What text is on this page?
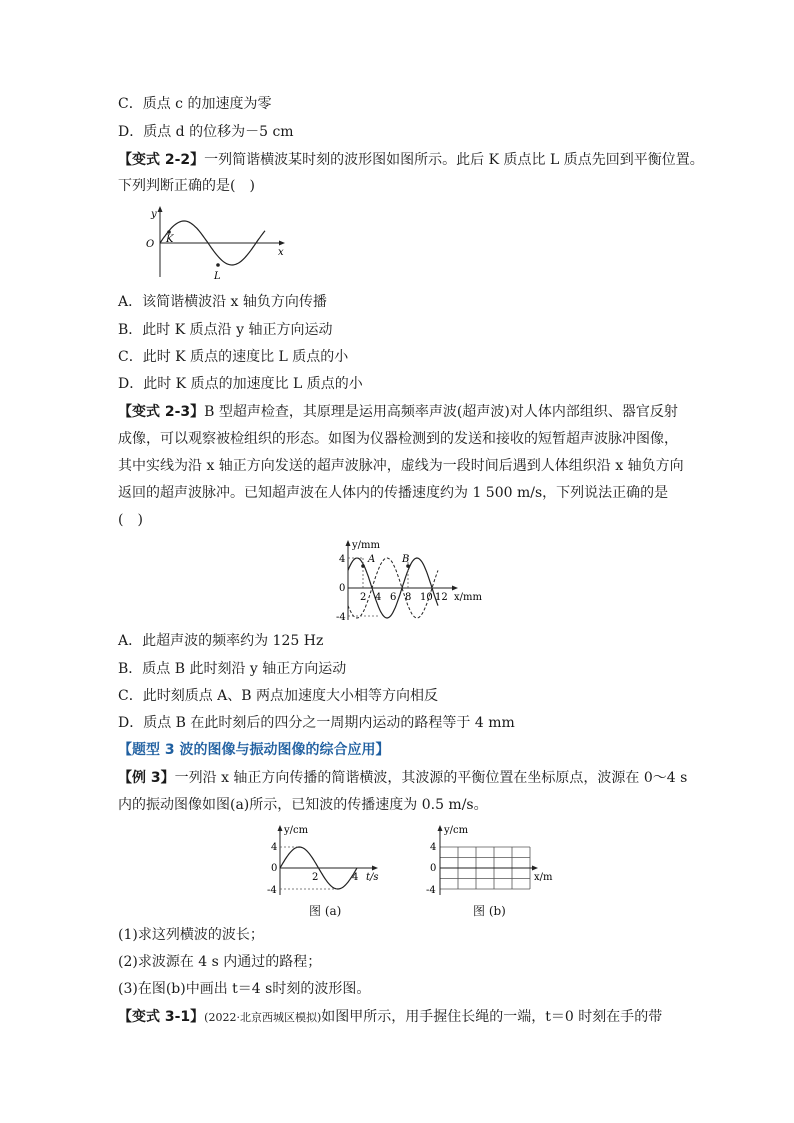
C．质点 c 的加速度为零
D．质点 d 的位移为－5 cm
【变式 2-2】一列简谐横波某时刻的波形图如图所示。此后 K 质点比 L 质点先回到平衡位置。
下列判断正确的是(　)
y
O K
L
x
A．该简谐横波沿 x 轴负方向传播
B．此时 K 质点沿 y 轴正方向运动
C．此时 K 质点的速度比 L 质点的小
D．此时 K 质点的加速度比 L 质点的小
【变式 2-3】B 型超声检查，其原理是运用高频率声波(超声波)对人体内部组织、器官反射
成像，可以观察被检组织的形态。如图为仪器检测到的发送和接收的短暂超声波脉冲图像，
其中实线为沿 x 轴正方向发送的超声波脉冲，虚线为一段时间后遇到人体组织沿 x 轴负方向
返回的超声波脉冲。已知超声波在人体内的传播速度约为 1 500 m/s，下列说法正确的是
(　)
A	B
y/mm
4
0
-4
2 4 6 8 10 12 x/mm
A．此超声波的频率约为 125 Hz
B．质点 B 此时刻沿 y 轴正方向运动
C．此时刻质点 A、B 两点加速度大小相等方向相反
D．质点 B 在此时刻后的四分之一周期内运动的路程等于 4 mm
【题型 3 波的图像与振动图像的综合应用】
【例 3】一列沿 x 轴正方向传播的简谐横波，其波源的平衡位置在坐标原点，波源在 0～4 s
内的振动图像如图(a)所示，已知波的传播速度为 0.5 m/s。
y/cm
4
0
-4
2	4 t/s
图 (a)
y/cm
4
0
-4
x/m
图 (b)
(1)求这列横波的波长；
(2)求波源在 4 s 内通过的路程；
(3)在图(b)中画出 t＝4 s时刻的波形图。
【变式 3-1】(2022·北京西城区模拟)如图甲所示，用手握住长绳的一端，t＝0 时刻在手的带
